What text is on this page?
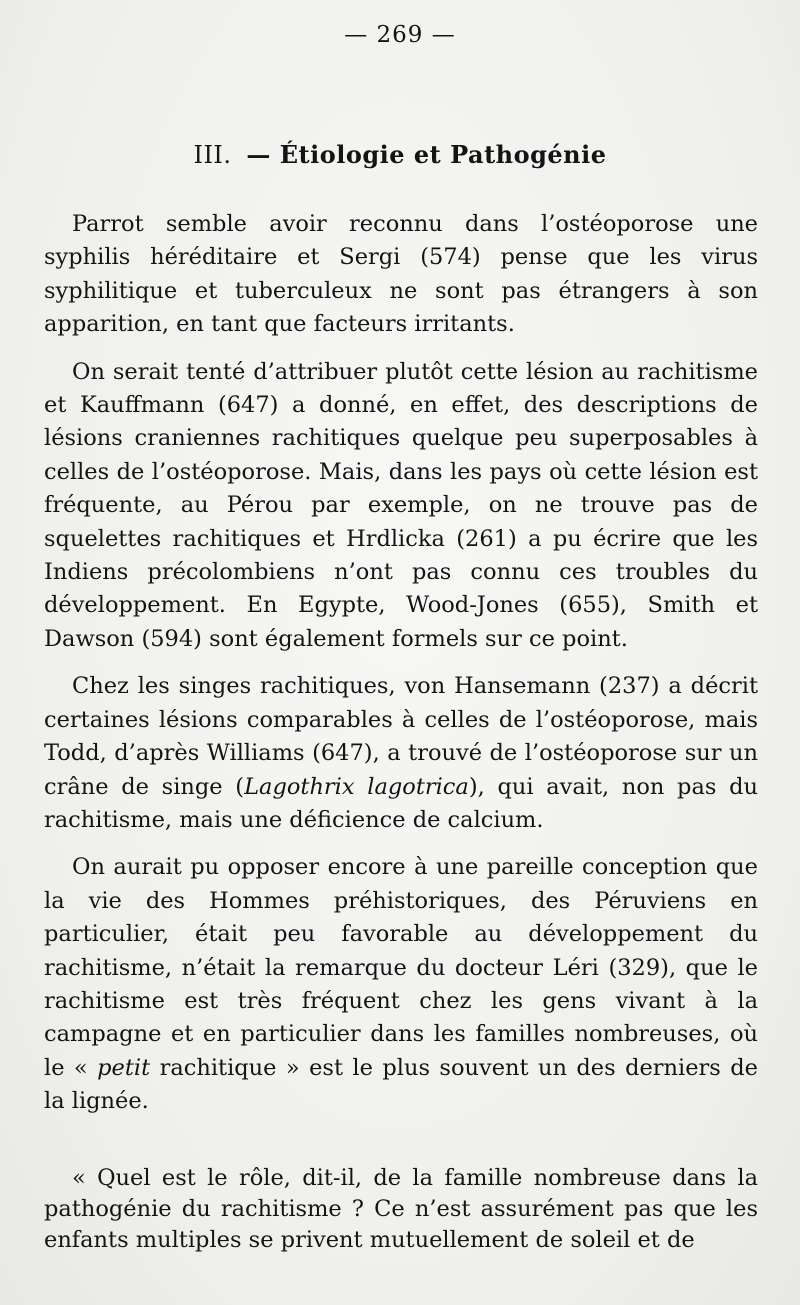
— 269 —
III. — Étiologie et Pathogénie

Parrot semble avoir reconnu dans l’ostéoporose une syphilis héréditaire et Sergi (574) pense que les virus syphilitique et tuberculeux ne sont pas étrangers à son apparition, en tant que facteurs irritants.

On serait tenté d’attribuer plutôt cette lésion au rachitisme et Kauffmann (647) a donné, en effet, des descriptions de lésions craniennes rachitiques quelque peu superposables à celles de l’ostéoporose. Mais, dans les pays où cette lésion est fréquente, au Pérou par exemple, on ne trouve pas de squelettes rachitiques et Hrdlicka (261) a pu écrire que les Indiens précolombiens n’ont pas connu ces troubles du développement. En Egypte, Wood-Jones (655), Smith et Dawson (594) sont également formels sur ce point.

Chez les singes rachitiques, von Hansemann (237) a décrit certaines lésions comparables à celles de l’ostéoporose, mais Todd, d’après Williams (647), a trouvé de l’ostéoporose sur un crâne de singe (Lagothrix lagotrica), qui avait, non pas du rachitisme, mais une déficience de calcium.

On aurait pu opposer encore à une pareille conception que la vie des Hommes préhistoriques, des Péruviens en particulier, était peu favorable au développement du rachitisme, n’était la remarque du docteur Léri (329), que le rachitisme est très fréquent chez les gens vivant à la campagne et en particulier dans les familles nombreuses, où le « petit rachitique » est le plus souvent un des derniers de la lignée.

« Quel est le rôle, dit-il, de la famille nombreuse dans la pathogénie du rachitisme ? Ce n’est assurément pas que les enfants multiples se privent mutuellement de soleil et de
